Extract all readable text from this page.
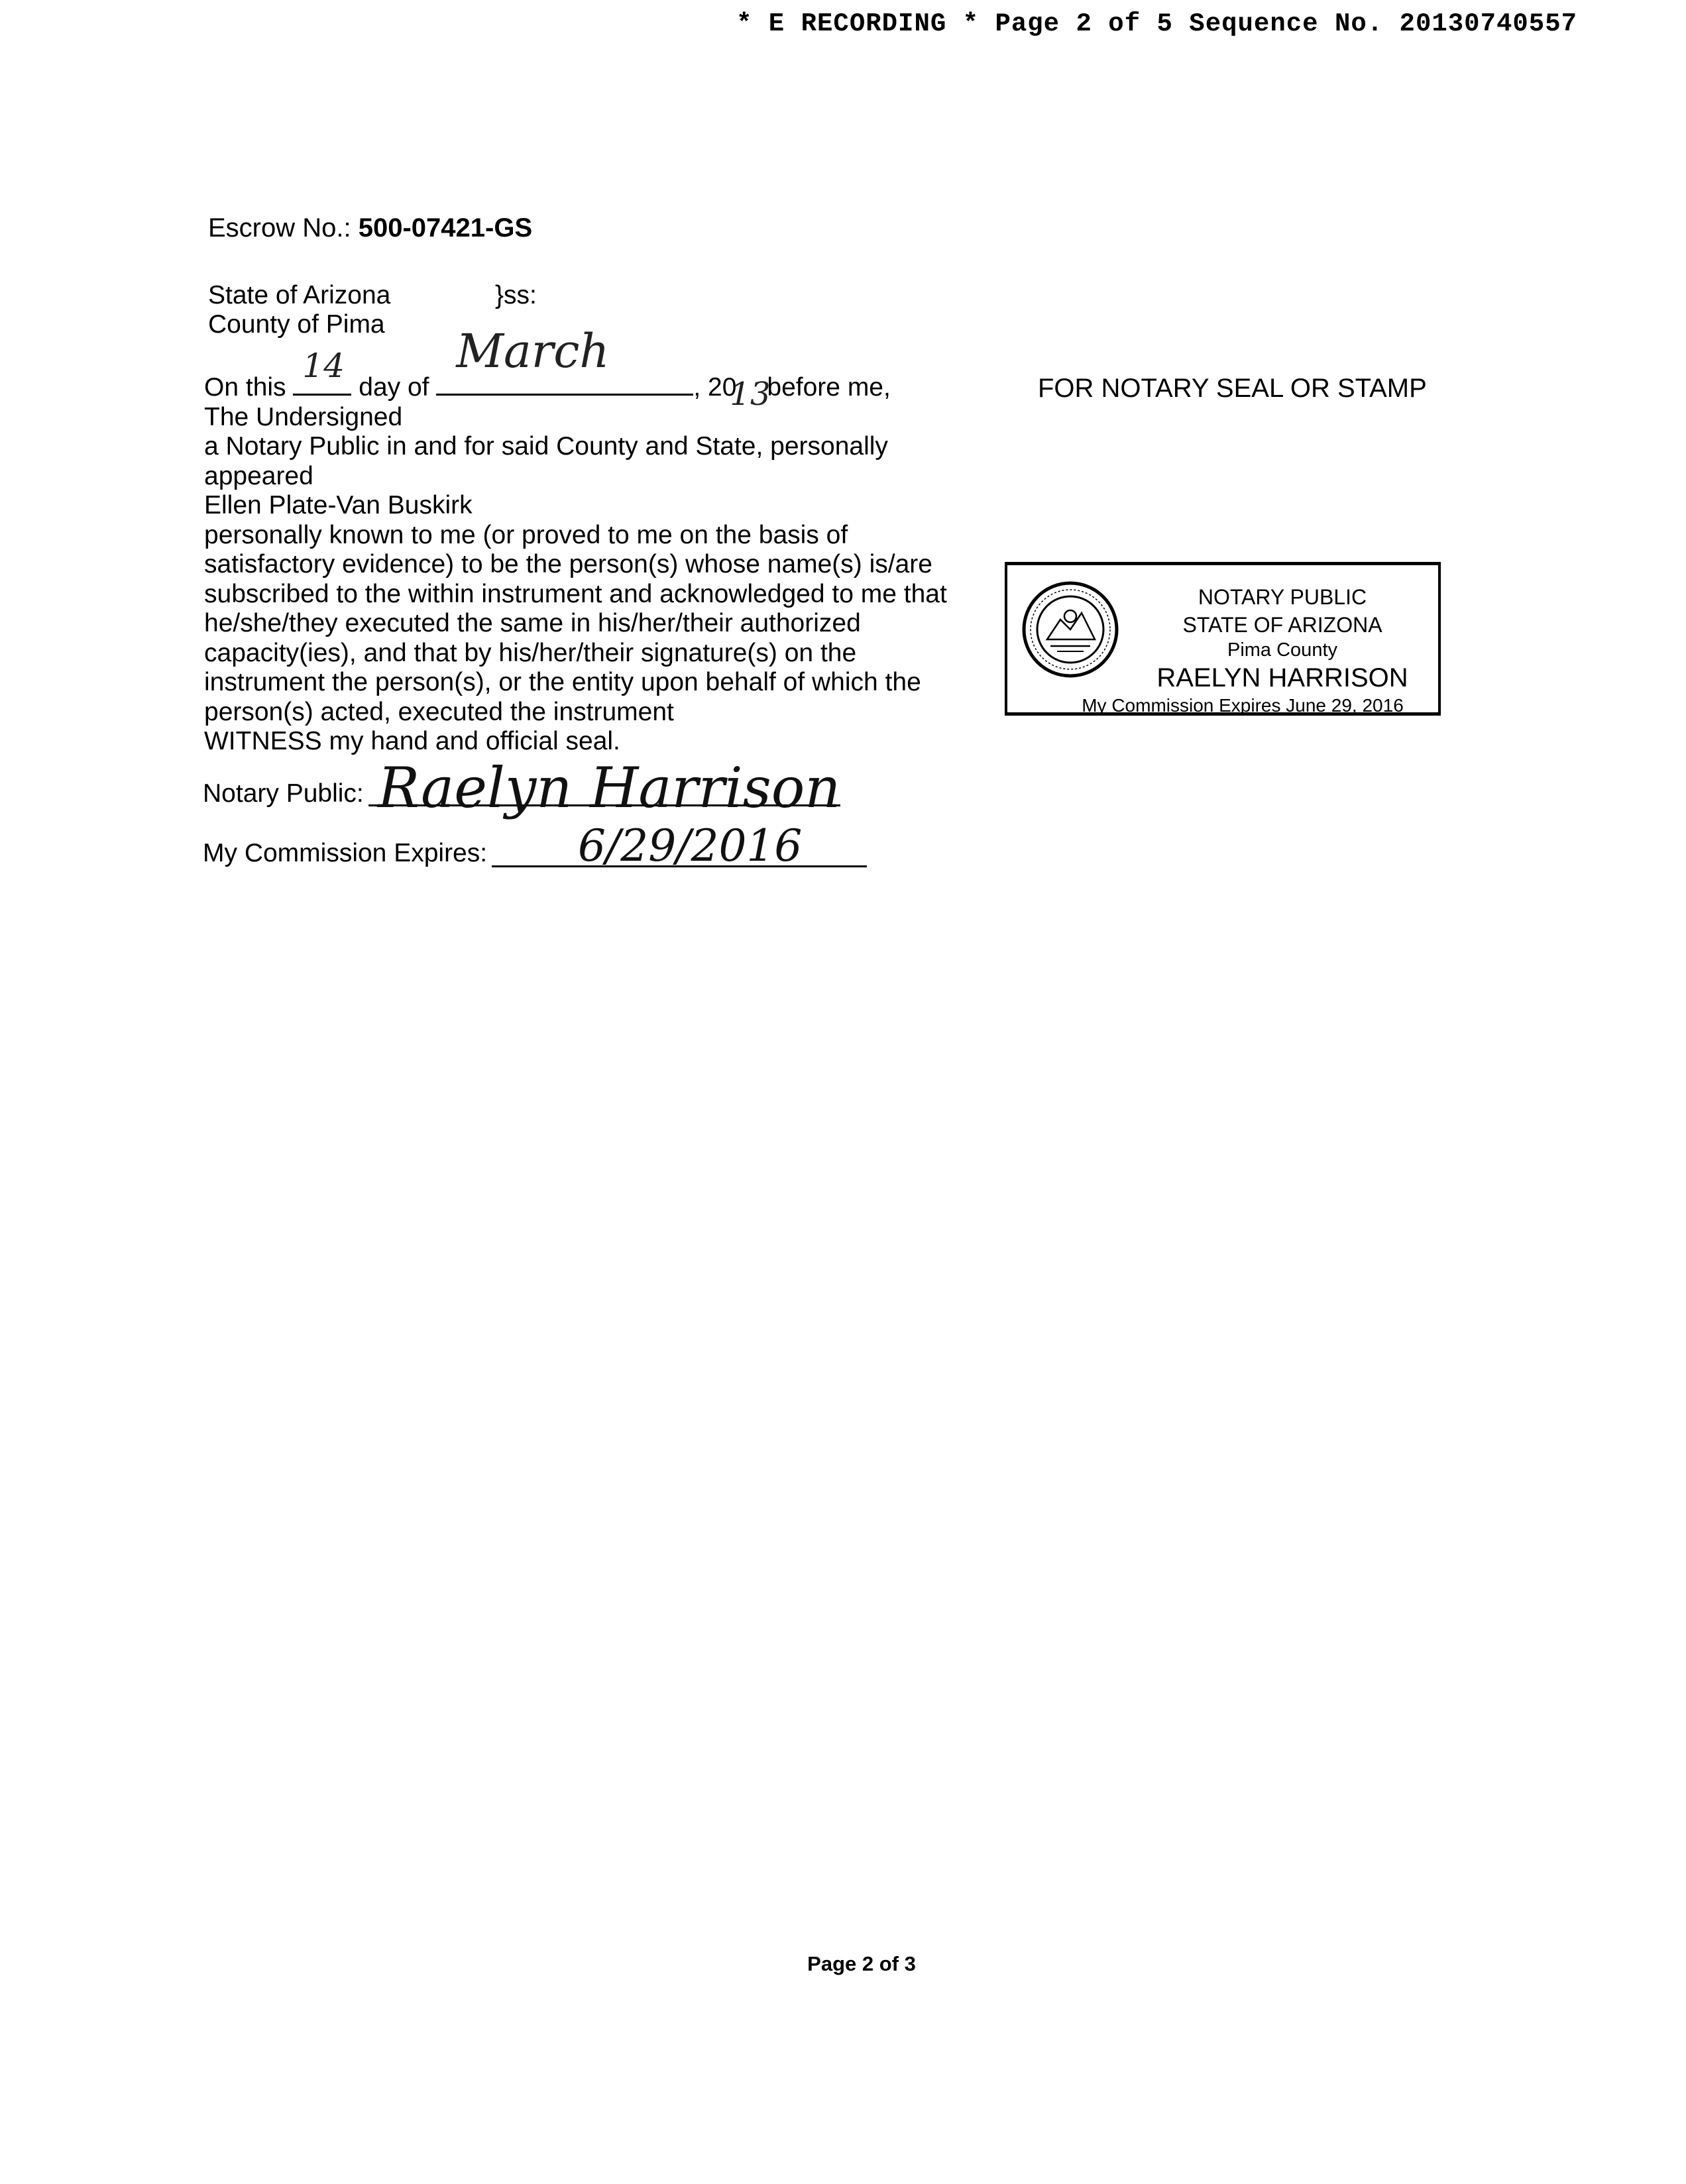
* E RECORDING * Page 2 of 5 Sequence No. 20130740557
Escrow No.: 500-07421-GS
State of Arizona
County of Pima
}ss:
FOR NOTARY SEAL OR STAMP
On this
14
day of
March
, 20
13
before me,
The Undersigned
a Notary Public in and for said County and State, personally
appeared
Ellen Plate-Van Buskirk
personally known to me (or proved to me on the basis of
satisfactory evidence) to be the person(s) whose name(s) is/are
subscribed to the within instrument and acknowledged to me that
he/she/they executed the same in his/her/their authorized
capacity(ies), and that by his/her/their signature(s) on the
instrument the person(s), or the entity upon behalf of which the
person(s) acted, executed the instrument
WITNESS my hand and official seal.
Notary Public: Raelyn Harrison
My Commission Expires: 6/29/2016
NOTARY PUBLIC
STATE OF ARIZONA
Pima County
RAELYN HARRISON
My Commission Expires June 29, 2016
Page 2 of 3
